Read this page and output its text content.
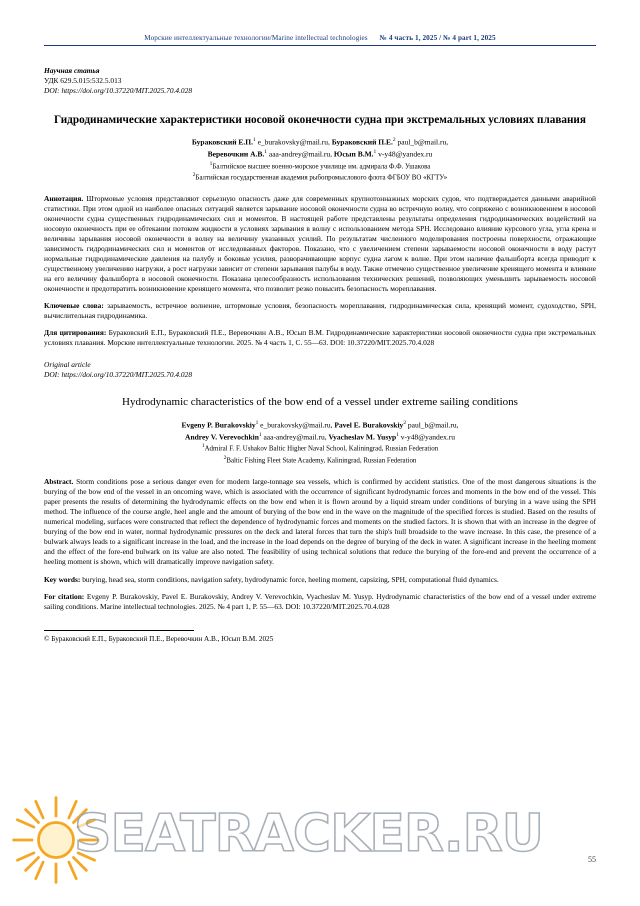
Морские интеллектуальные технологии/Marine intellectual technologies № 4 часть 1, 2025 / № 4 part 1, 2025
Научная статья
УДК 629.5.015:532.5.013
DOI: https://doi.org/10.37220/MIT.2025.70.4.028
Гидродинамические характеристики носовой оконечности судна при экстремальных условиях плавания
Бураковский Е.П.$^1$ e_burakovsky@mail.ru, Бураковский П.Е.$^2$ paul_b@mail.ru,
Веревочкин А.В.$^1$ aaa-andrey@mail.ru, Юсып В.М.$^1$ v-y48@yandex.ru
$^1$Балтийское высшее военно-морское училище им. адмирала Ф.Ф. Ушакова
$^2$Балтийская государственная академия рыбопромыслового флота ФГБОУ ВО «КГТУ»

Аннотация. Штормовые условия представляют серьезную опасность даже для современных крупнотоннажных морских судов, что подтверждается данными аварийной статистики. При этом одной из наиболее опасных ситуаций является зарывание носовой оконечности судна во встречную волну, что сопряжено с возникновением в носовой оконечности судна существенных гидродинамических сил и моментов. В настоящей работе представлены результаты определения гидродинамических воздействий на носовую оконечность при ее обтекании потоком жидкости в условиях зарывания в волну с использованием метода SPH. Исследовано влияние курсового угла, угла крена и величины зарывания носовой оконечности в волну на величину указанных усилий. По результатам численного моделирования построены поверхности, отражающие зависимость гидродинамических сил и моментов от исследованных факторов. Показано, что с увеличением степени зарываемости носовой оконечности в воду растут нормальные гидродинамические давления на палубу и боковые усилия, разворачивающие корпус судна лагом к волне. При этом наличие фальшборта всегда приводит к существенному увеличению нагрузки, а рост нагрузки зависит от степени зарывания палубы в воду. Также отмечено существенное увеличение кренящего момента и влияние на его величину фальшборта в носовой оконечности. Показана целесообразность использования технических решений, позволяющих уменьшить зарываемость носовой оконечности и предотвратить возникновение кренящего момента, что позволит резко повысить безопасность мореплавания.

Ключевые слова: зарываемость, встречное волнение, штормовые условия, безопасность мореплавания, гидродинамическая сила, кренящий момент, судоходство, SPH, вычислительная гидродинамика.

Для цитирования: Бураковский Е.П., Бураковский П.Е., Веревочкин А.В., Юсып В.М. Гидродинамические характеристики носовой оконечности судна при экстремальных условиях плавания. Морские интеллектуальные технологии. 2025. № 4 часть 1, С. 55—63. DOI: 10.37220/MIT.2025.70.4.028

Original article
DOI: https://doi.org/10.37220/MIT.2025.70.4.028
Hydrodynamic characteristics of the bow end of a vessel under extreme sailing conditions
Evgeny P. Burakovskiy$^1$ e_burakovsky@mail.ru, Pavel E. Burakovskiy$^2$ paul_b@mail.ru,
Andrey V. Verevochkin$^1$ aaa-andrey@mail.ru, Vyacheslav M. Yusyp$^1$ v-y48@yandex.ru
$^1$Admiral F. F. Ushakov Baltic Higher Naval School, Kaliningrad, Russian Federation
$^2$Baltic Fishing Fleet State Academy, Kaliningrad, Russian Federation

Abstract. Storm conditions pose a serious danger even for modern large-tonnage sea vessels, which is confirmed by accident statistics. One of the most dangerous situations is the burying of the bow end of the vessel in an oncoming wave, which is associated with the occurrence of significant hydrodynamic forces and moments in the bow end of the vessel. This paper presents the results of determining the hydrodynamic effects on the bow end when it is flown around by a liquid stream under conditions of burying in a wave using the SPH method. The influence of the course angle, heel angle and the amount of burying of the bow end in the wave on the magnitude of the specified forces is studied. Based on the results of numerical modeling, surfaces were constructed that reflect the dependence of hydrodynamic forces and moments on the studied factors. It is shown that with an increase in the degree of burying of the bow end in water, normal hydrodynamic pressures on the deck and lateral forces that turn the ship's hull broadside to the wave increase. In this case, the presence of a bulwark always leads to a significant increase in the load, and the increase in the load depends on the degree of burying of the deck in water. A significant increase in the heeling moment and the effect of the fore-end bulwark on its value are also noted. The feasibility of using technical solutions that reduce the burying of the fore-end and prevent the occurrence of a heeling moment is shown, which will dramatically improve navigation safety.

Key words: burying, head sea, storm conditions, navigation safety, hydrodynamic force, heeling moment, capsizing, SPH, computational fluid dynamics.

For citation: Evgeny P. Burakovskiy, Pavel E. Burakovskiy, Andrey V. Verevochkin, Vyacheslav M. Yusyp. Hydrodynamic characteristics of the bow end of a vessel under extreme sailing conditions. Marine intellectual technologies. 2025. № 4 part 1, P. 55—63. DOI: 10.37220/MIT.2025.70.4.028

© Бураковский Е.П., Бураковский П.Е., Веревочкин А.В., Юсып В.М. 2025
SEATRACKER.RU	55
